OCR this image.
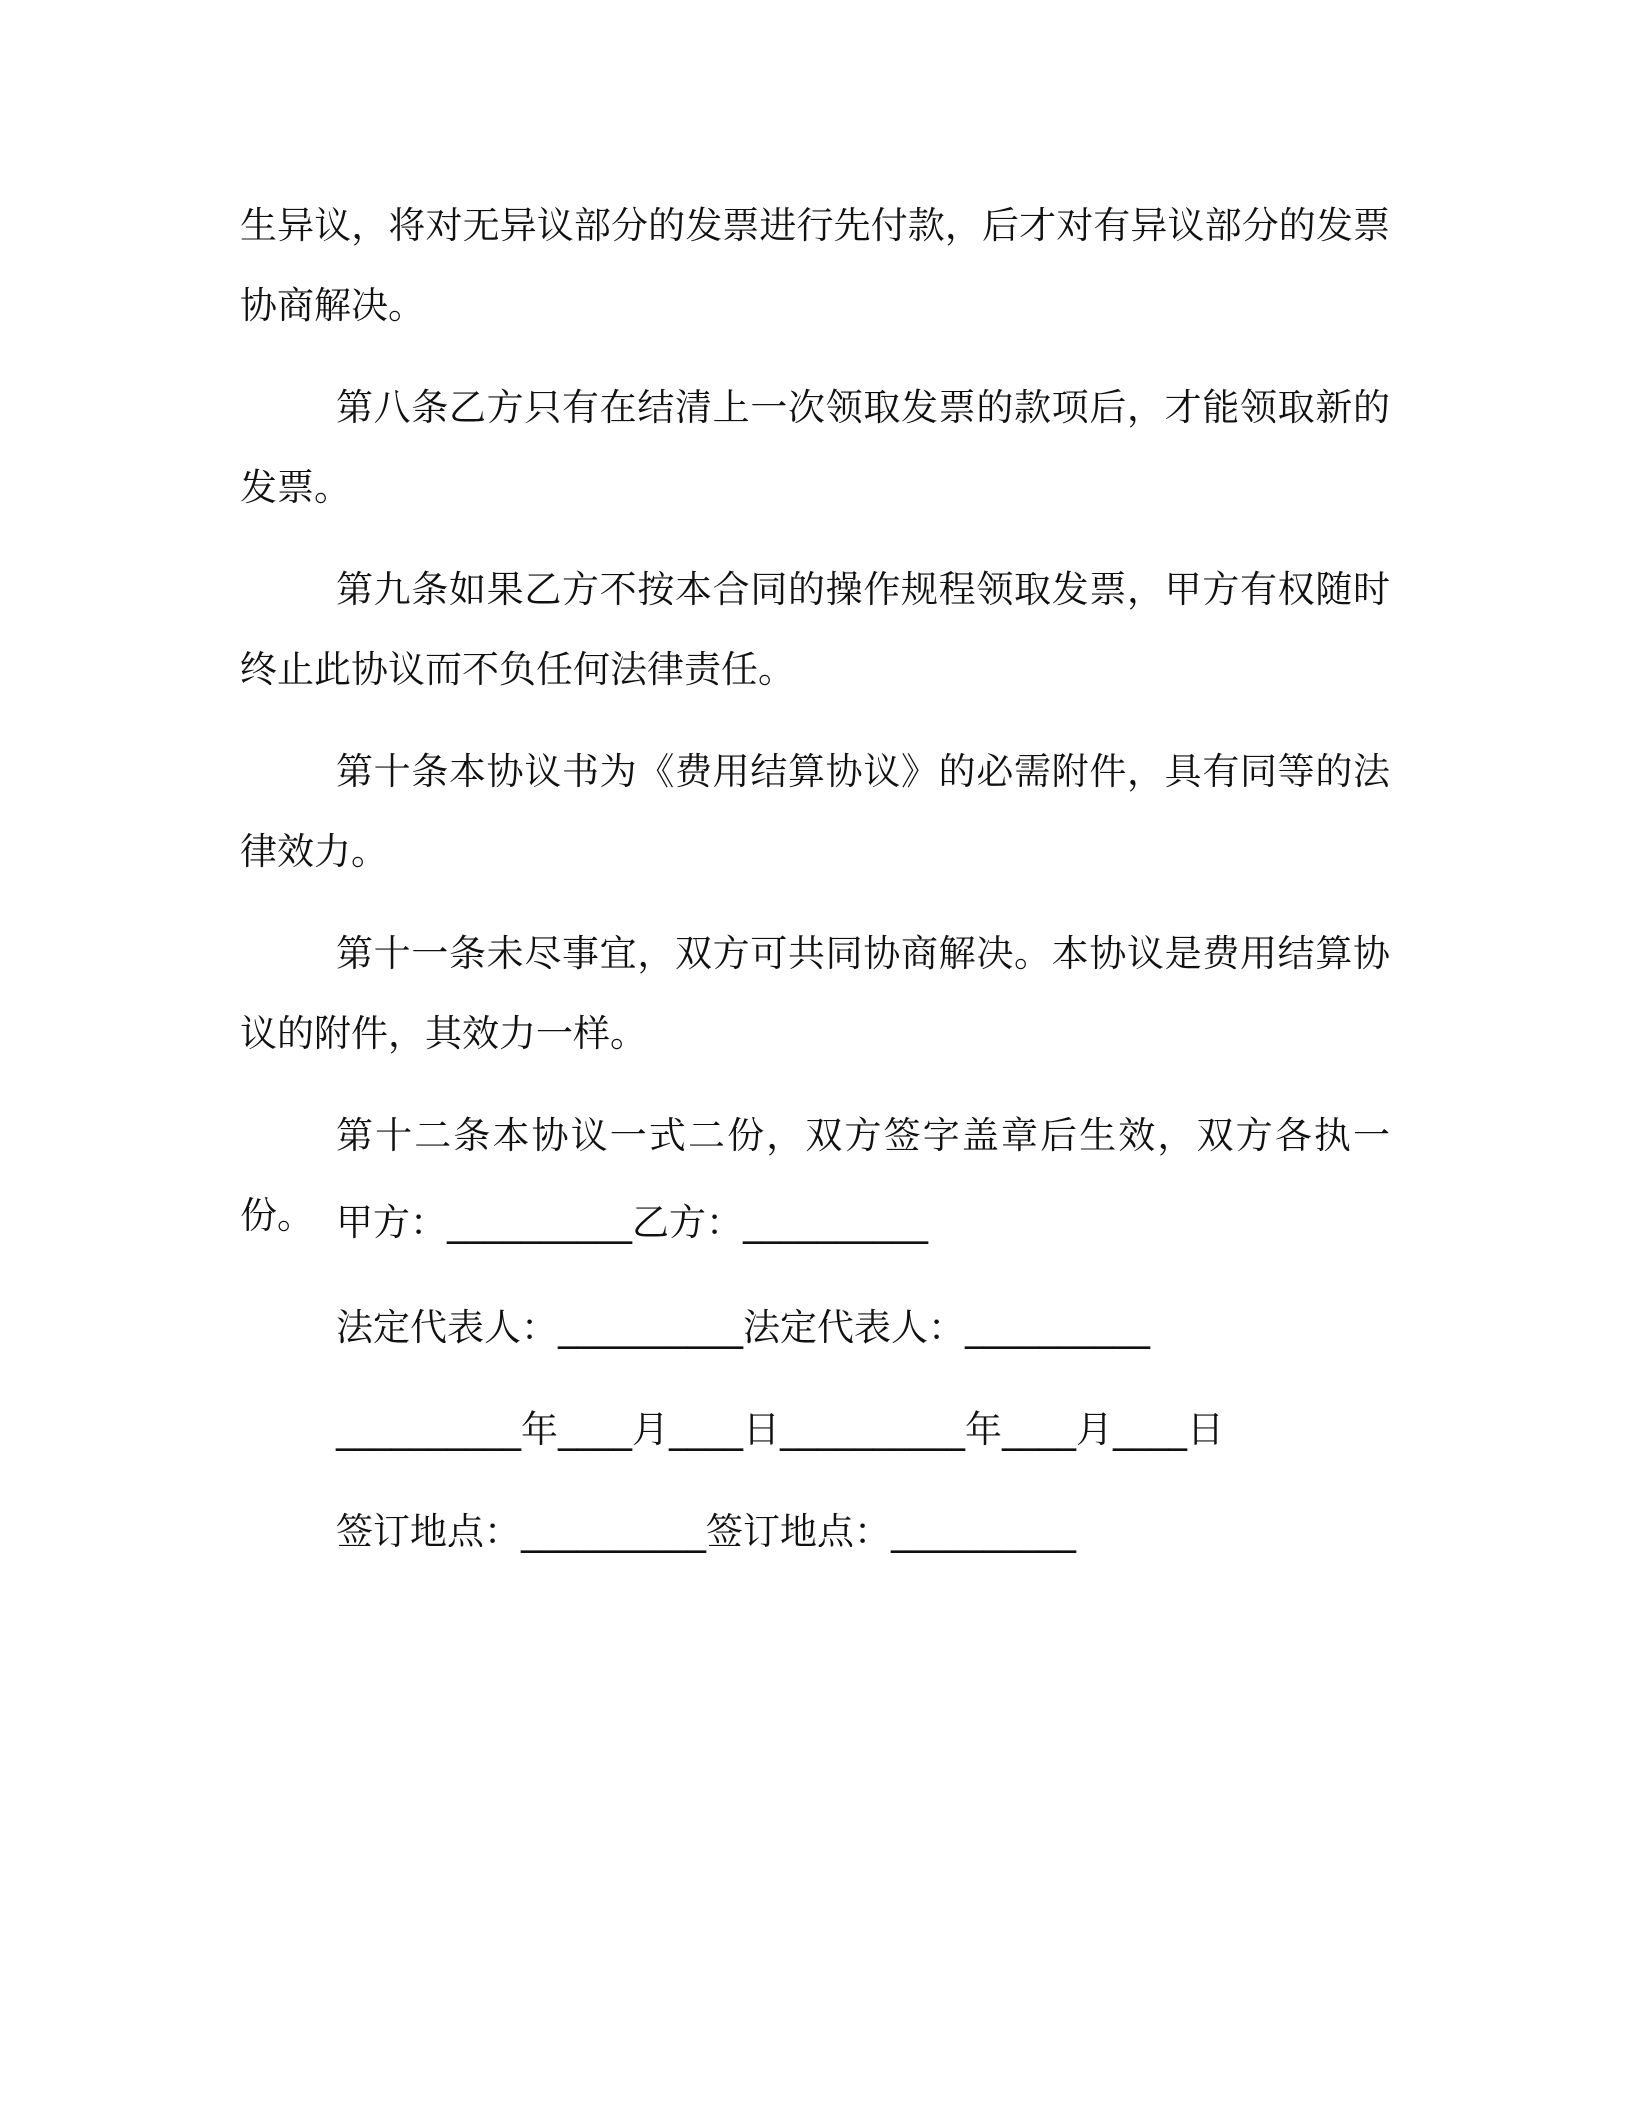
生异议，将对无异议部分的发票进行先付款，后才对有异议部分的发票协商解决。

第八条乙方只有在结清上一次领取发票的款项后，才能领取新的发票。

第九条如果乙方不按本合同的操作规程领取发票，甲方有权随时终止此协议而不负任何法律责任。

第十条本协议书为《费用结算协议》的必需附件，具有同等的法律效力。

第十一条未尽事宜，双方可共同协商解决。本协议是费用结算协议的附件，其效力一样。

第十二条本协议一式二份，双方签字盖章后生效，双方各执一份。 甲方：__________乙方：__________
法定代表人：__________法定代表人：__________
__________年____月____日__________年____月____日
签订地点：__________签订地点：__________
